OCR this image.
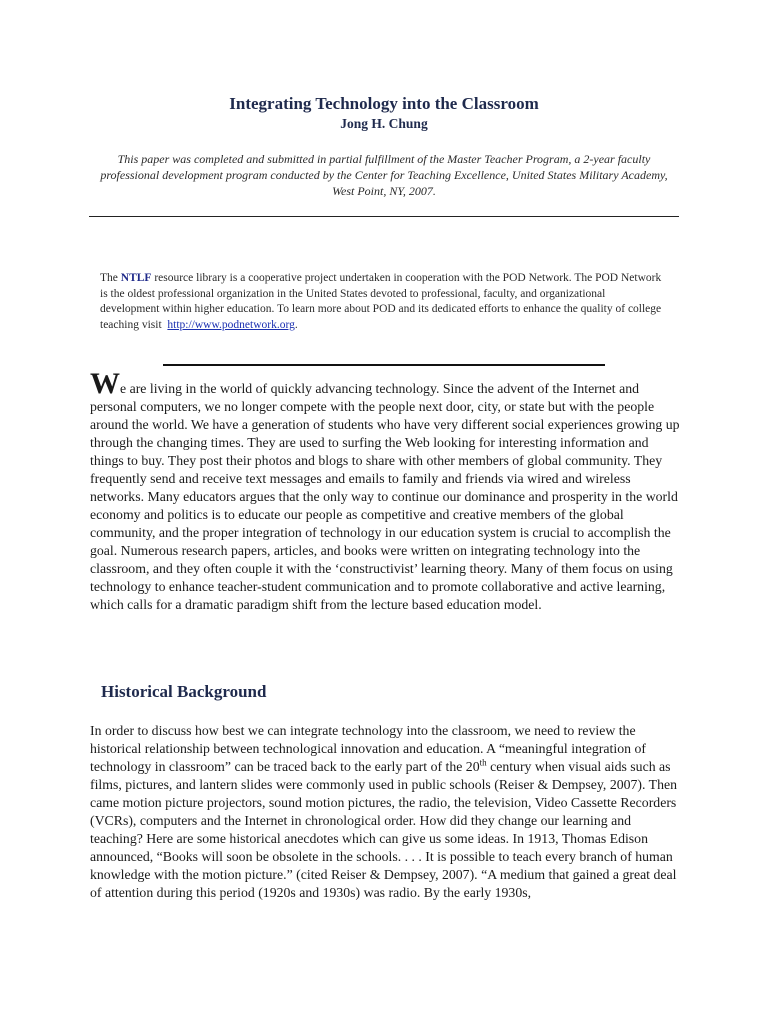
Integrating Technology into the Classroom
Jong H. Chung
This paper was completed and submitted in partial fulfillment of the Master Teacher Program, a 2-year faculty professional development program conducted by the Center for Teaching Excellence, United States Military Academy, West Point, NY, 2007.
The NTLF resource library is a cooperative project undertaken in cooperation with the POD Network. The POD Network is the oldest professional organization in the United States devoted to professional, faculty, and organizational development within higher education. To learn more about POD and its dedicated efforts to enhance the quality of college teaching visit http://www.podnetwork.org.
We are living in the world of quickly advancing technology. Since the advent of the Internet and personal computers, we no longer compete with the people next door, city, or state but with the people around the world. We have a generation of students who have very different social experiences growing up through the changing times. They are used to surfing the Web looking for interesting information and things to buy. They post their photos and blogs to share with other members of global community. They frequently send and receive text messages and emails to family and friends via wired and wireless networks. Many educators argues that the only way to continue our dominance and prosperity in the world economy and politics is to educate our people as competitive and creative members of the global community, and the proper integration of technology in our education system is crucial to accomplish the goal. Numerous research papers, articles, and books were written on integrating technology into the classroom, and they often couple it with the ‘constructivist’ learning theory. Many of them focus on using technology to enhance teacher-student communication and to promote collaborative and active learning, which calls for a dramatic paradigm shift from the lecture based education model.
Historical Background
In order to discuss how best we can integrate technology into the classroom, we need to review the historical relationship between technological innovation and education. A “meaningful integration of technology in classroom” can be traced back to the early part of the 20th century when visual aids such as films, pictures, and lantern slides were commonly used in public schools (Reiser & Dempsey, 2007). Then came motion picture projectors, sound motion pictures, the radio, the television, Video Cassette Recorders (VCRs), computers and the Internet in chronological order. How did they change our learning and teaching? Here are some historical anecdotes which can give us some ideas. In 1913, Thomas Edison announced, “Books will soon be obsolete in the schools. . . . It is possible to teach every branch of human knowledge with the motion picture.” (cited Reiser & Dempsey, 2007). “A medium that gained a great deal of attention during this period (1920s and 1930s) was radio. By the early 1930s,
